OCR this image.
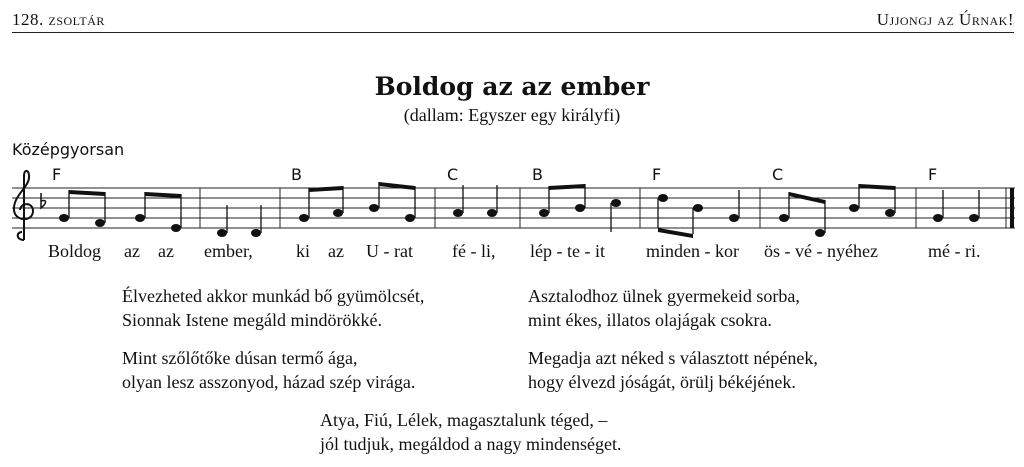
128. zsoltár	Ujjongj az Úrnak!
Boldog az az ember
(dallam: Egyszer egy királyfi)
Középgyorsan
F	B	C	B	F	C	F
Boldog az az ember, ki az U - rat fé - li, lép - te - it minden - kor ös - vé - nyéhez	mé - ri.
Élvezheted akkor munkád bő gyümölcsét,
Sionnak Istene megáld mindörökké.
Asztalodhoz ülnek gyermekeid sorba,
mint ékes, illatos olajágak csokra.
Mint szőlőtőke dúsan termő ága,
olyan lesz asszonyod, házad szép virága.
Megadja azt néked s választott népének,
hogy élvezd jóságát, örülj békéjének.
Atya, Fiú, Lélek, magasztalunk téged, –
jól tudjuk, megáldod a nagy mindenséget.
